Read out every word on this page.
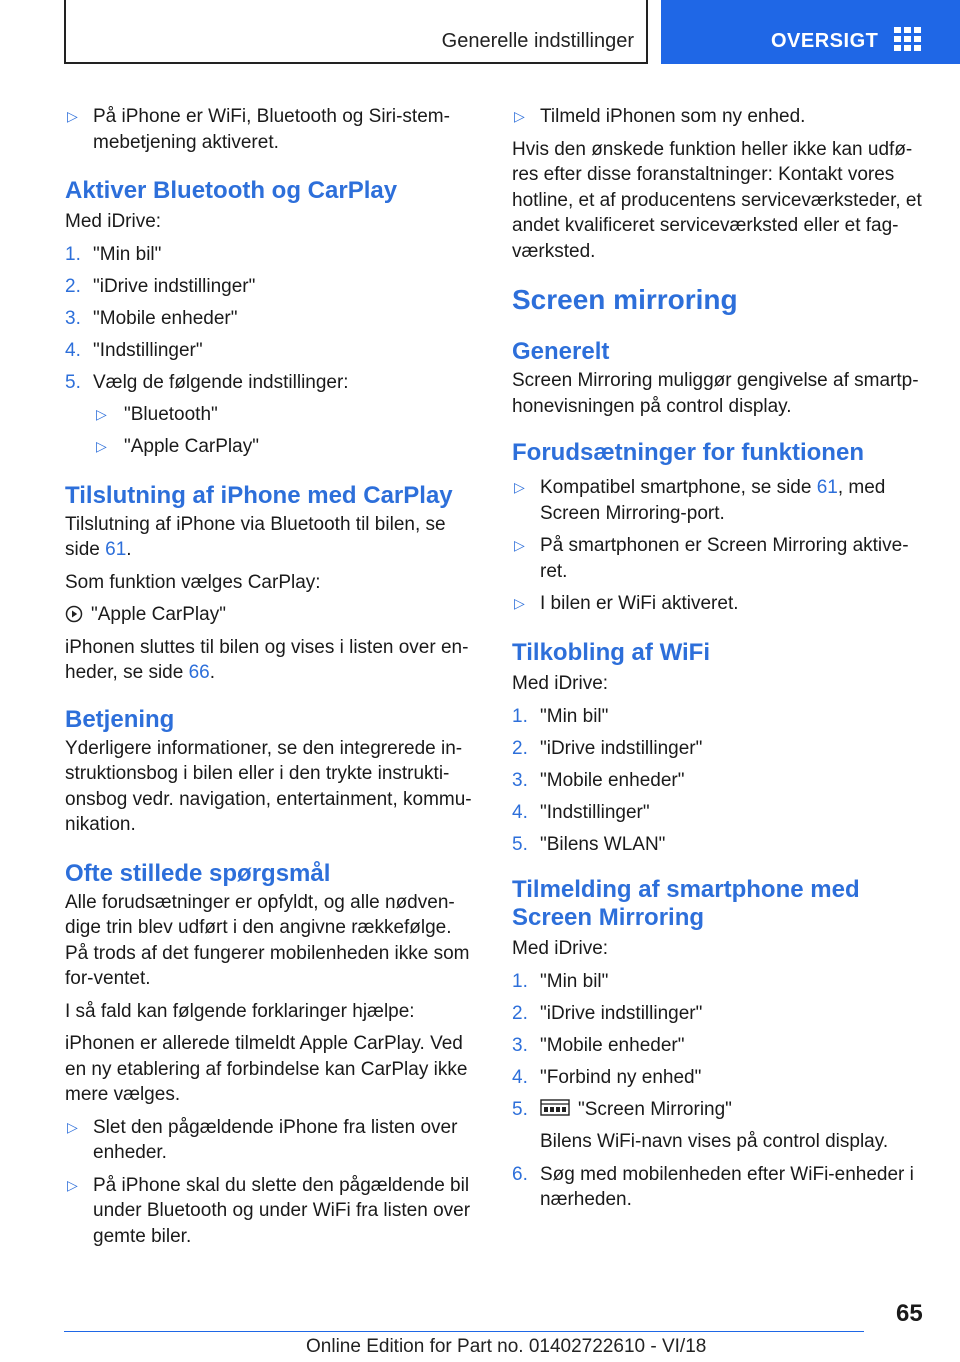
Generelle indstillinger	OVERSIGT
▷ På iPhone er WiFi, Bluetooth og Siri-stem-mebetjening aktiveret.
Aktiver Bluetooth og CarPlay

Med iDrive:

1. "Min bil"
2. "iDrive indstillinger"
3. "Mobile enheder"
4. "Indstillinger"
5. Vælg de følgende indstillinger:
▷ "Bluetooth"
▷ "Apple CarPlay"
Tilslutning af iPhone med CarPlay

Tilslutning af iPhone via Bluetooth til bilen, se side 61.

Som funktion vælges CarPlay:

"Apple CarPlay"

iPhonen sluttes til bilen og vises i listen over en-heder, se side 66.

Betjening

Yderligere informationer, se den integrerede in-struktionsbog i bilen eller i den trykte instrukti-onsbog vedr. navigation, entertainment, kommu-nikation.

Ofte stillede spørgsmål

Alle forudsætninger er opfyldt, og alle nødven-dige trin blev udført i den angivne rækkefølge. På trods af det fungerer mobilenheden ikke som for-ventet.

I så fald kan følgende forklaringer hjælpe:

iPhonen er allerede tilmeldt Apple CarPlay. Ved en ny etablering af forbindelse kan CarPlay ikke mere vælges.

▷ Slet den pågældende iPhone fra listen over enheder.
▷ På iPhone skal du slette den pågældende bil under Bluetooth og under WiFi fra listen over gemte biler.
▷ Tilmeld iPhonen som ny enhed.

Hvis den ønskede funktion heller ikke kan udfø-res efter disse foranstaltninger: Kontakt vores hotline, et af producentens serviceværksteder, et andet kvalificeret serviceværksted eller et fag-værksted.

Screen mirroring
Generelt

Screen Mirroring muliggør gengivelse af smartp-honevisningen på control display.

Forudsætninger for funktionen
▷ Kompatibel smartphone, se side 61, med Screen Mirroring-port.
▷ På smartphonen er Screen Mirroring aktive-ret.
▷ I bilen er WiFi aktiveret.
Tilkobling af WiFi

Med iDrive:

1. "Min bil"
2. "iDrive indstillinger"
3. "Mobile enheder"
4. "Indstillinger"
5. "Bilens WLAN"
Tilmelding af smartphone med Screen Mirroring

Med iDrive:

1. "Min bil"
2. "iDrive indstillinger"
3. "Mobile enheder"
4. "Forbind ny enhed"
5.	"Screen Mirroring"

Bilens WiFi-navn vises på control display.

6. Søg med mobilenheden efter WiFi-enheder i nærheden.
65
Online Edition for Part no. 01402722610 - VI/18
